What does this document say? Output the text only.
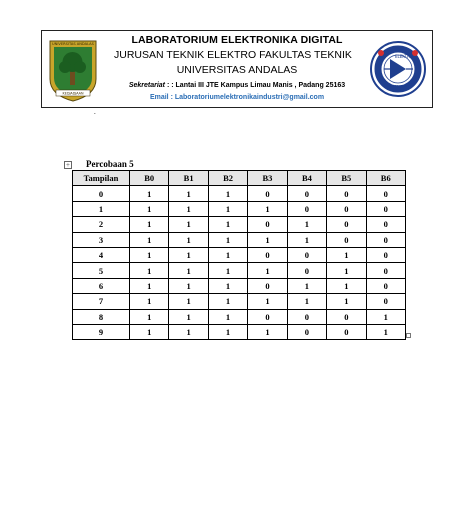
UNIVERSITAS ANDALAS
KEDJADJAAN
LABORATORIUM ELEKTRONIKA DIGITAL
JURUSAN TEKNIK ELEKTRO FAKULTAS TEKNIK
UNIVERSITAS ANDALAS
Sekretariat : : Lantai III JTE Kampus Limau Manis , Padang 25163
Email : Laboratoriumelektronikaindustri@gmail.com
ELEKTRO
PT TEKNIK
.
+ Percobaan 5
Tampilan	B0	B1	B2	B3	B4	B5	B6
0	1	1	1	0	0	0	0
1	1	1	1	1	0	0	0
2	1	1	1	0	1	0	0
3	1	1	1	1	1	0	0
4	1	1	1	0	0	1	0
5	1	1	1	1	0	1	0
6	1	1	1	0	1	1	0
7	1	1	1	1	1	1	0
8	1	1	1	0	0	0	1
9	1	1	1	1	0	0	1
